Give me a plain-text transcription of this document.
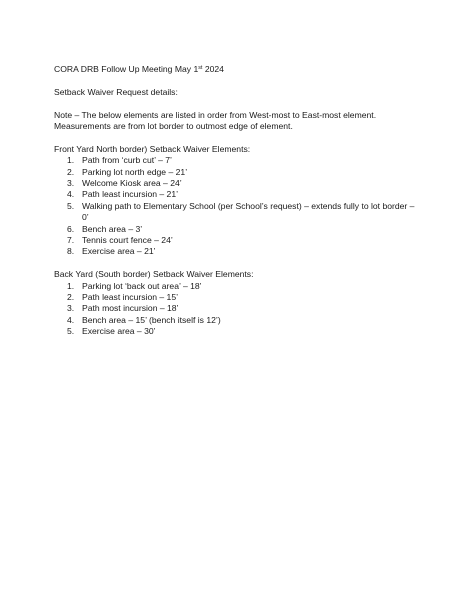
CORA DRB Follow Up Meeting May 1st 2024

Setback Waiver Request details:

Note – The below elements are listed in order from West-most to East-most element. Measurements are from lot border to outmost edge of element.

Front Yard North border) Setback Waiver Elements:
1. Path from ‘curb cut’ – 7’
2. Parking lot north edge – 21’
3. Welcome Kiosk area – 24’
4. Path least incursion – 21’
5. Walking path to Elementary School (per School’s request) – extends fully to lot border – 0’
6. Bench area – 3’
7. Tennis court fence – 24’
8. Exercise area – 21’
Back Yard (South border) Setback Waiver Elements:
1. Parking lot ‘back out area’ – 18’
2. Path least incursion – 15’
3. Path most incursion – 18’
4. Bench area – 15’ (bench itself is 12’)
5. Exercise area – 30’
